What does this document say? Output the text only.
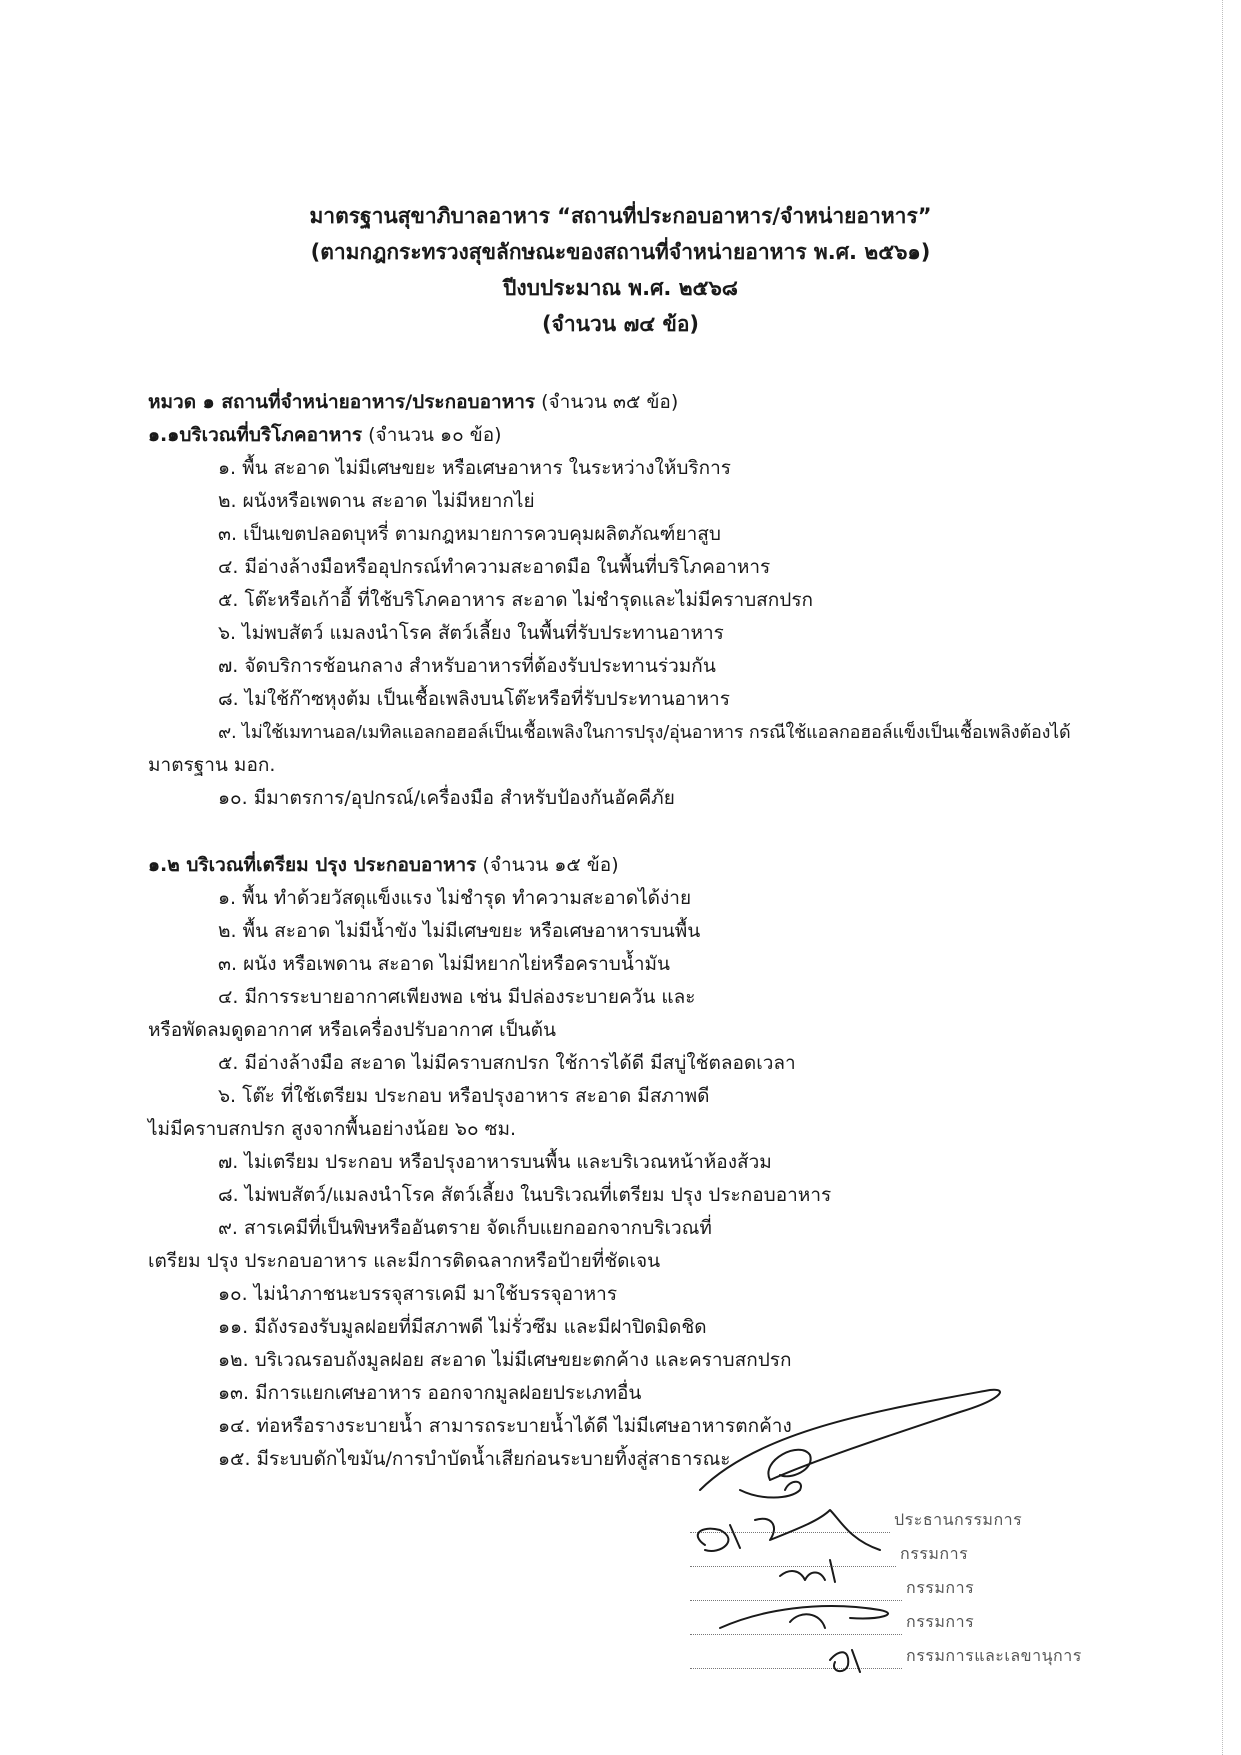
มาตรฐานสุขาภิบาลอาหาร “สถานที่ประกอบอาหาร/จำหน่ายอาหาร”
(ตามกฎกระทรวงสุขลักษณะของสถานที่จำหน่ายอาหาร พ.ศ. ๒๕๖๑)
ปีงบประมาณ พ.ศ. ๒๕๖๘
(จำนวน ๗๔ ข้อ)
หมวด ๑ สถานที่จำหน่ายอาหาร/ประกอบอาหาร (จำนวน ๓๕ ข้อ)
๑.๑บริเวณที่บริโภคอาหาร (จำนวน ๑๐ ข้อ)
๑. พื้น สะอาด ไม่มีเศษขยะ หรือเศษอาหาร ในระหว่างให้บริการ
๒. ผนังหรือเพดาน สะอาด ไม่มีหยากไย่
๓. เป็นเขตปลอดบุหรี่ ตามกฎหมายการควบคุมผลิตภัณฑ์ยาสูบ
๔. มีอ่างล้างมือหรืออุปกรณ์ทำความสะอาดมือ ในพื้นที่บริโภคอาหาร
๕. โต๊ะหรือเก้าอี้ ที่ใช้บริโภคอาหาร สะอาด ไม่ชำรุดและไม่มีคราบสกปรก
๖. ไม่พบสัตว์ แมลงนำโรค สัตว์เลี้ยง ในพื้นที่รับประทานอาหาร
๗. จัดบริการช้อนกลาง สำหรับอาหารที่ต้องรับประทานร่วมกัน
๘. ไม่ใช้ก๊าซหุงต้ม เป็นเชื้อเพลิงบนโต๊ะหรือที่รับประทานอาหาร
๙. ไม่ใช้เมทานอล/เมทิลแอลกอฮอล์เป็นเชื้อเพลิงในการปรุง/อุ่นอาหาร กรณีใช้แอลกอฮอล์แข็งเป็นเชื้อเพลิงต้องได้
มาตรฐาน มอก.
๑๐. มีมาตรการ/อุปกรณ์/เครื่องมือ สำหรับป้องกันอัคคีภัย
๑.๒ บริเวณที่เตรียม ปรุง ประกอบอาหาร (จำนวน ๑๕ ข้อ)
๑. พื้น ทำด้วยวัสดุแข็งแรง ไม่ชำรุด ทำความสะอาดได้ง่าย
๒. พื้น สะอาด ไม่มีน้ำขัง ไม่มีเศษขยะ หรือเศษอาหารบนพื้น
๓. ผนัง หรือเพดาน สะอาด ไม่มีหยากไย่หรือคราบน้ำมัน
๔. มีการระบายอากาศเพียงพอ เช่น มีปล่องระบายควัน และ
หรือพัดลมดูดอากาศ หรือเครื่องปรับอากาศ เป็นต้น
๕. มีอ่างล้างมือ สะอาด ไม่มีคราบสกปรก ใช้การได้ดี มีสบู่ใช้ตลอดเวลา
๖. โต๊ะ ที่ใช้เตรียม ประกอบ หรือปรุงอาหาร สะอาด มีสภาพดี
ไม่มีคราบสกปรก สูงจากพื้นอย่างน้อย ๖๐ ซม.
๗. ไม่เตรียม ประกอบ หรือปรุงอาหารบนพื้น และบริเวณหน้าห้องส้วม
๘. ไม่พบสัตว์/แมลงนำโรค สัตว์เลี้ยง ในบริเวณที่เตรียม ปรุง ประกอบอาหาร
๙. สารเคมีที่เป็นพิษหรืออันตราย จัดเก็บแยกออกจากบริเวณที่
เตรียม ปรุง ประกอบอาหาร และมีการติดฉลากหรือป้ายที่ชัดเจน
๑๐. ไม่นำภาชนะบรรจุสารเคมี มาใช้บรรจุอาหาร
๑๑. มีถังรองรับมูลฝอยที่มีสภาพดี ไม่รั่วซึม และมีฝาปิดมิดชิด
๑๒. บริเวณรอบถังมูลฝอย สะอาด ไม่มีเศษขยะตกค้าง และคราบสกปรก
๑๓. มีการแยกเศษอาหาร ออกจากมูลฝอยประเภทอื่น
๑๔. ท่อหรือรางระบายน้ำ สามารถระบายน้ำได้ดี ไม่มีเศษอาหารตกค้าง
๑๕. มีระบบดักไขมัน/การบำบัดน้ำเสียก่อนระบายทิ้งสู่สาธารณะ
ประธานกรรมการ
กรรมการ
กรรมการ
กรรมการ
กรรมการและเลขานุการ
